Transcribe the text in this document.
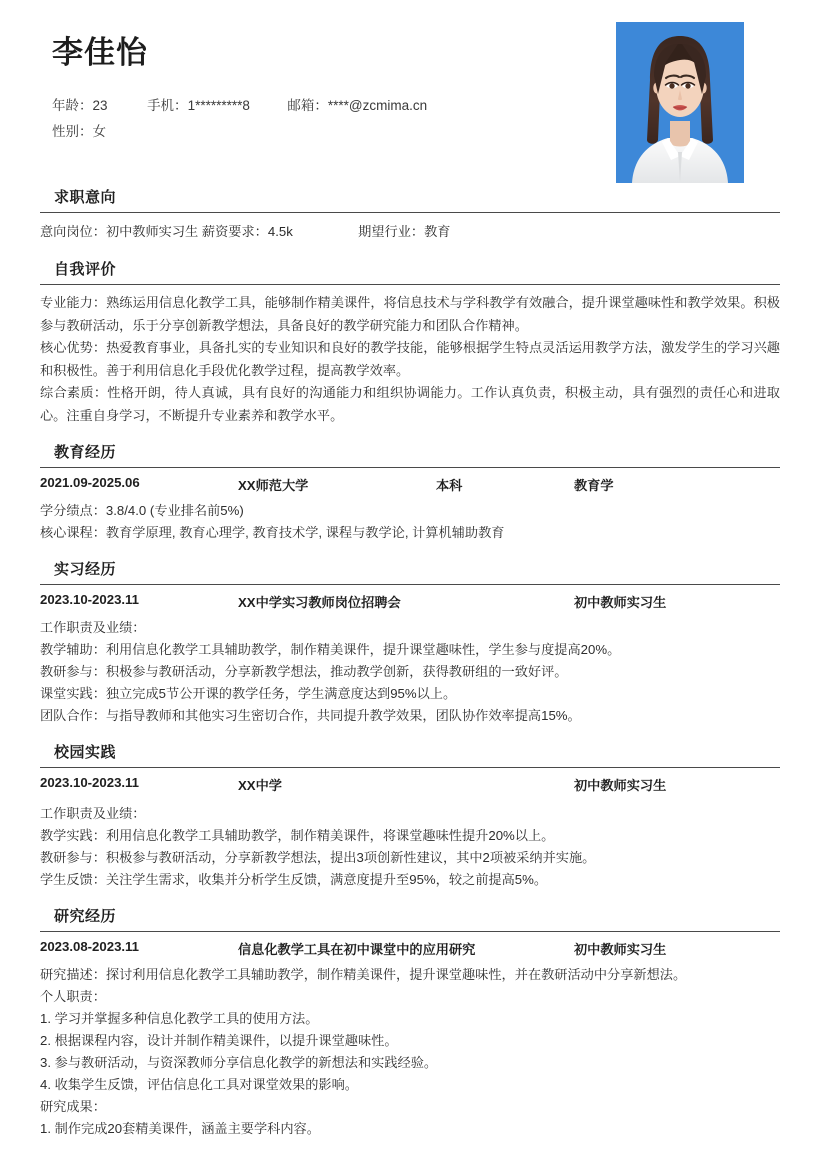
李佳怡
年龄：23	手机：1*********8	邮箱：****@zcmima.cn
性别：女
求职意向
意向岗位：初中教师实习生 薪资要求：4.5k	期望行业：教育
自我评价
专业能力：熟练运用信息化教学工具，能够制作精美课件，将信息技术与学科教学有效融合，提升课堂趣味性和教学效果。积极参与教研活动，乐于分享创新教学想法，具备良好的教学研究能力和团队合作精神。
核心优势：热爱教育事业，具备扎实的专业知识和良好的教学技能，能够根据学生特点灵活运用教学方法，激发学生的学习兴趣和积极性。善于利用信息化手段优化教学过程，提高教学效率。
综合素质：性格开朗，待人真诚，具有良好的沟通能力和组织协调能力。工作认真负责，积极主动，具有强烈的责任心和进取心。注重自身学习，不断提升专业素养和教学水平。
教育经历
2021.09-2025.06	XX师范大学	本科	教育学
学分绩点：3.8/4.0 (专业排名前5%)
核心课程：教育学原理, 教育心理学, 教育技术学, 课程与教学论, 计算机辅助教育
实习经历
2023.10-2023.11	XX中学实习教师岗位招聘会	初中教师实习生
工作职责及业绩：
教学辅助：利用信息化教学工具辅助教学，制作精美课件，提升课堂趣味性，学生参与度提高20%。
教研参与：积极参与教研活动，分享新教学想法，推动教学创新，获得教研组的一致好评。
课堂实践：独立完成5节公开课的教学任务，学生满意度达到95%以上。
团队合作：与指导教师和其他实习生密切合作，共同提升教学效果，团队协作效率提高15%。
校园实践
2023.10-2023.11	XX中学	初中教师实习生
工作职责及业绩：
教学实践：利用信息化教学工具辅助教学，制作精美课件，将课堂趣味性提升20%以上。
教研参与：积极参与教研活动，分享新教学想法，提出3项创新性建议，其中2项被采纳并实施。
学生反馈：关注学生需求，收集并分析学生反馈，满意度提升至95%，较之前提高5%。
研究经历
2023.08-2023.11	信息化教学工具在初中课堂中的应用研究	初中教师实习生
研究描述：探讨利用信息化教学工具辅助教学，制作精美课件，提升课堂趣味性，并在教研活动中分享新想法。
个人职责：
1. 学习并掌握多种信息化教学工具的使用方法。
2. 根据课程内容，设计并制作精美课件，以提升课堂趣味性。
3. 参与教研活动，与资深教师分享信息化教学的新想法和实践经验。
4. 收集学生反馈，评估信息化工具对课堂效果的影响。
研究成果：
1. 制作完成20套精美课件，涵盖主要学科内容。
